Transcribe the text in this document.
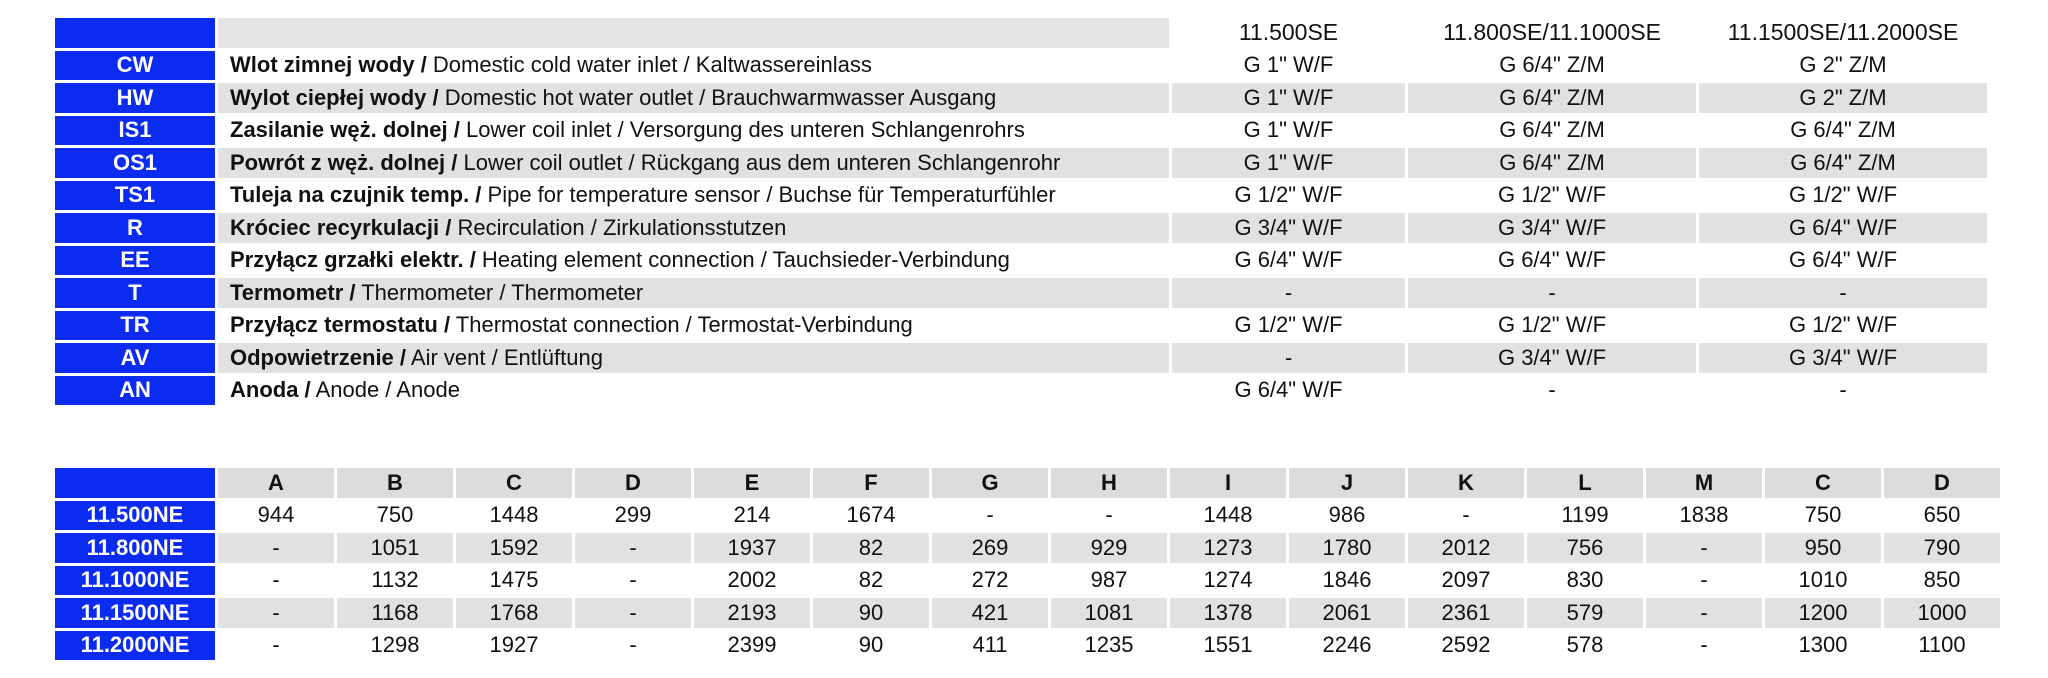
		11.500SE	11.800SE/11.1000SE	11.1500SE/11.2000SE
CW	Wlot zimnej wody / Domestic cold water inlet / Kaltwassereinlass	G 1" W/F	G 6/4" Z/M	G 2" Z/M
HW	Wylot ciepłej wody / Domestic hot water outlet / Brauchwarmwasser Ausgang	G 1" W/F	G 6/4" Z/M	G 2" Z/M
IS1	Zasilanie węż. dolnej / Lower coil inlet / Versorgung des unteren Schlangenrohrs	G 1" W/F	G 6/4" Z/M	G 6/4" Z/M
OS1	Powrót z węż. dolnej / Lower coil outlet / Rückgang aus dem unteren Schlangenrohr	G 1" W/F	G 6/4" Z/M	G 6/4" Z/M
TS1	Tuleja na czujnik temp. / Pipe for temperature sensor / Buchse für Temperaturfühler	G 1/2" W/F	G 1/2" W/F	G 1/2" W/F
R	Króciec recyrkulacji / Recirculation / Zirkulationsstutzen	G 3/4" W/F	G 3/4" W/F	G 6/4" W/F
EE	Przyłącz grzałki elektr. / Heating element connection / Tauchsieder-Verbindung	G 6/4" W/F	G 6/4" W/F	G 6/4" W/F
T	Termometr / Thermometer / Thermometer	-	-	-
TR	Przyłącz termostatu / Thermostat connection / Termostat-Verbindung	G 1/2" W/F	G 1/2" W/F	G 1/2" W/F
AV	Odpowietrzenie / Air vent / Entlüftung	-	G 3/4" W/F	G 3/4" W/F
AN	Anoda / Anode / Anode	G 6/4" W/F	-	-
	A	B	C	D	E	F	G	H	I	J	K	L	M	C	D
11.500NE	944	750	1448	299	214	1674	-	-	1448	986	-	1199	1838	750	650
11.800NE	-	1051	1592	-	1937	82	269	929	1273	1780	2012	756	-	950	790
11.1000NE	-	1132	1475	-	2002	82	272	987	1274	1846	2097	830	-	1010	850
11.1500NE	-	1168	1768	-	2193	90	421	1081	1378	2061	2361	579	-	1200	1000
11.2000NE	-	1298	1927	-	2399	90	411	1235	1551	2246	2592	578	-	1300	1100
